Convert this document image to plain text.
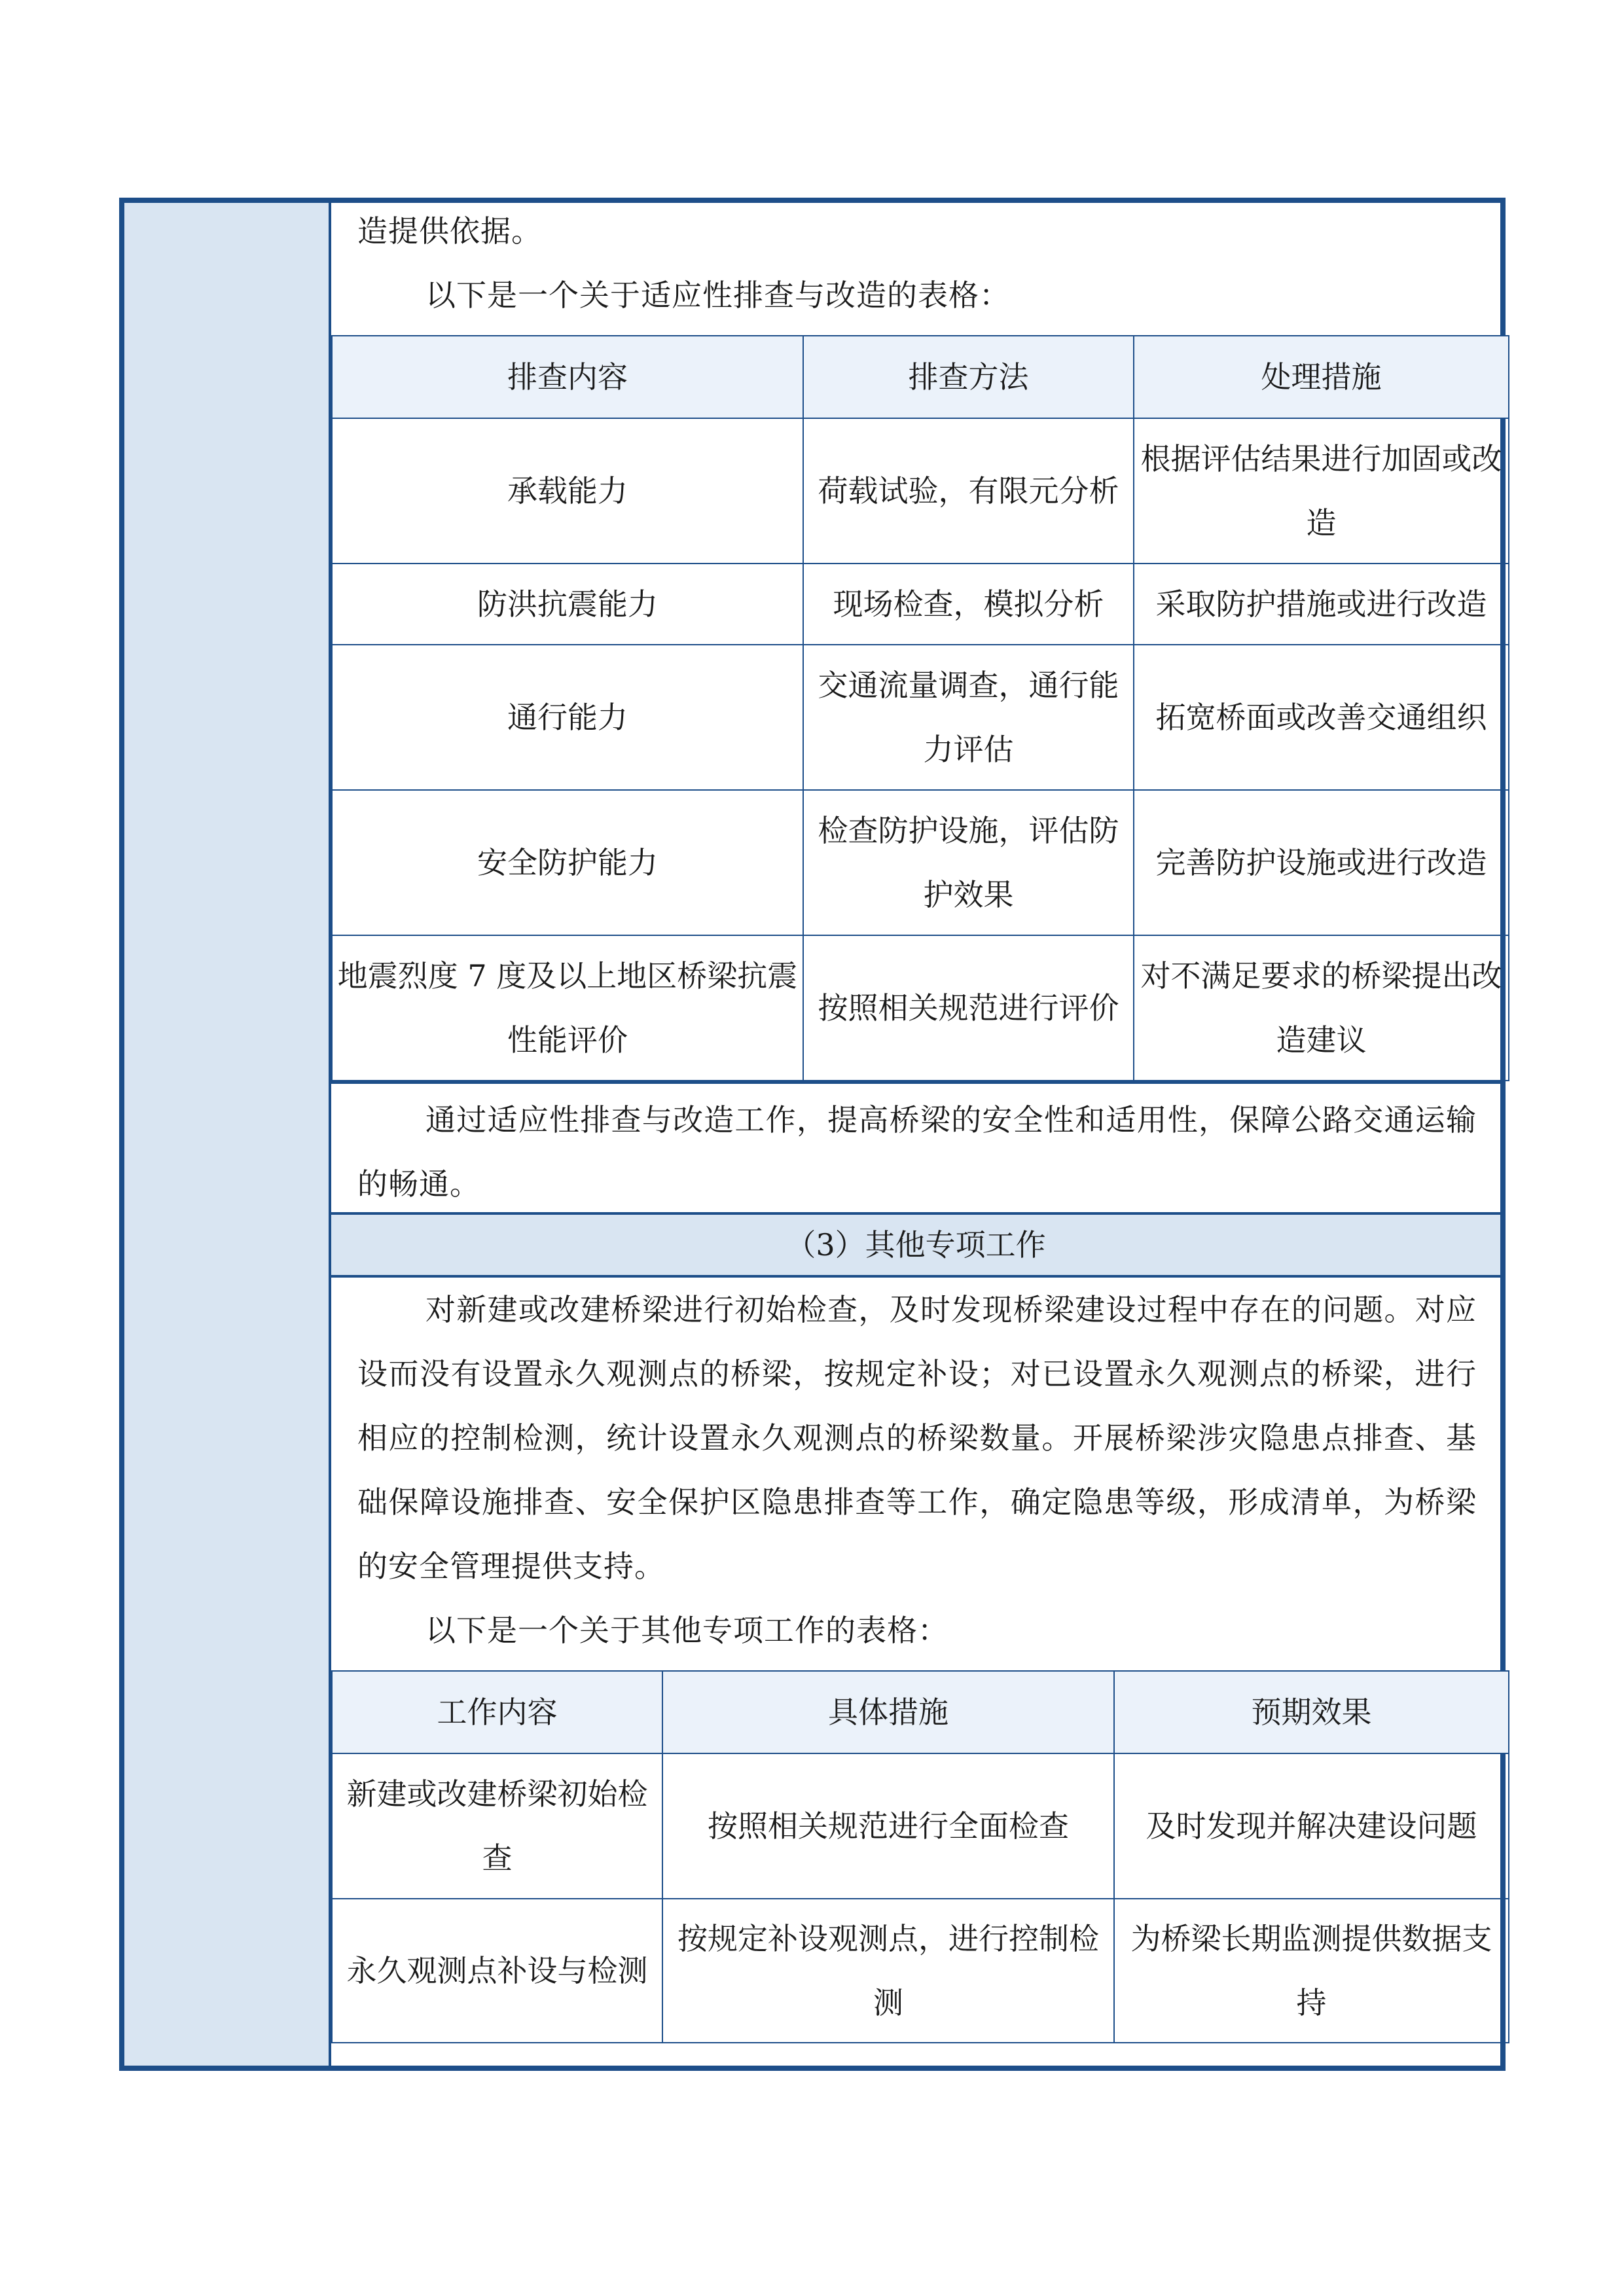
造提供依据。
以下是一个关于适应性排查与改造的表格：
排查内容	排查方法	处理措施
承载能力	荷载试验，有限元分析	根据评估结果进行加固或改造
防洪抗震能力	现场检查，模拟分析	采取防护措施或进行改造
通行能力	交通流量调查，通行能力评估	拓宽桥面或改善交通组织
安全防护能力	检查防护设施，评估防护效果	完善防护设施或进行改造
地震烈度 7 度及以上地区桥梁抗震性能评价	按照相关规范进行评价	对不满足要求的桥梁提出改造建议
通过适应性排查与改造工作，提高桥梁的安全性和适用性，保障公路交通运输的畅通。
（3）其他专项工作
对新建或改建桥梁进行初始检查，及时发现桥梁建设过程中存在的问题。对应设而没有设置永久观测点的桥梁，按规定补设；对已设置永久观测点的桥梁，进行相应的控制检测，统计设置永久观测点的桥梁数量。开展桥梁涉灾隐患点排查、基础保障设施排查、安全保护区隐患排查等工作，确定隐患等级，形成清单，为桥梁的安全管理提供支持。
以下是一个关于其他专项工作的表格：
工作内容	具体措施	预期效果
新建或改建桥梁初始检查	按照相关规范进行全面检查	及时发现并解决建设问题
永久观测点补设与检测	按规定补设观测点，进行控制检测	为桥梁长期监测提供数据支持
